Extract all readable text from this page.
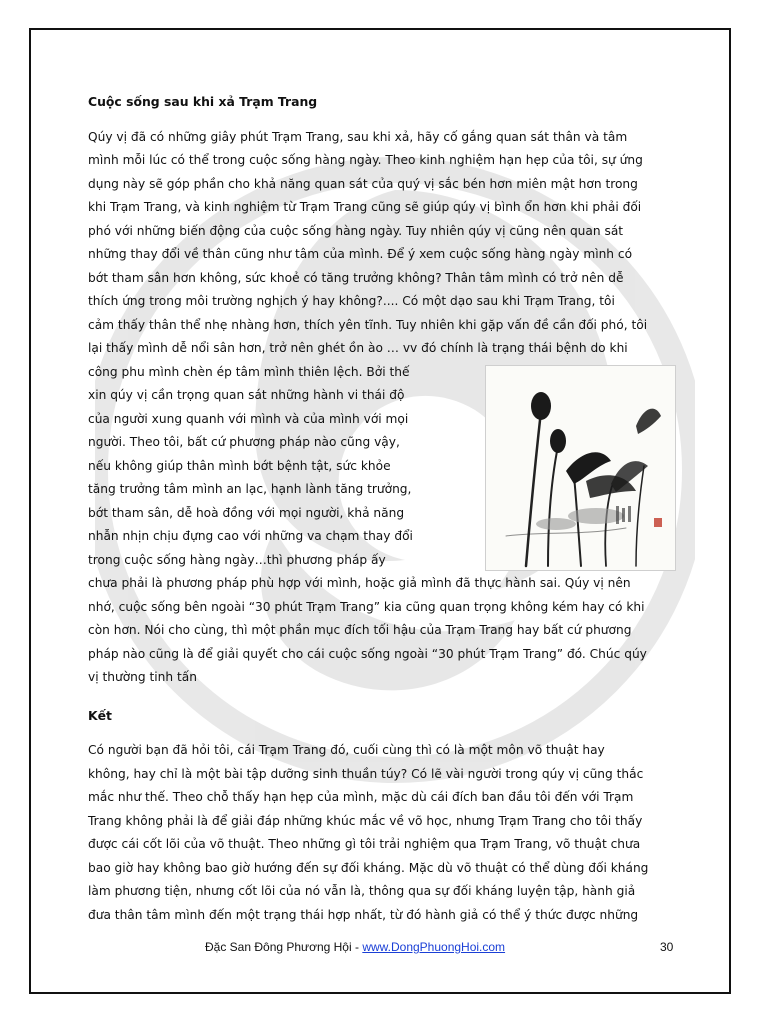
Cuộc sống sau khi xả Trạm Trang

Qúy vị đã có những giây phút Trạm Trang, sau khi xả, hãy cố gắng quan sát thân và tâm
mình mỗi lúc có thể trong cuộc sống hàng ngày. Theo kinh nghiệm hạn hẹp của tôi, sự ứng
dụng này sẽ góp phần cho khả năng quan sát của quý vị sắc bén hơn miên mật hơn trong
khi Trạm Trang, và kinh nghiệm từ Trạm Trang cũng sẽ giúp qúy vị bình ổn hơn khi phải đối
phó với những biến động của cuộc sống hàng ngày. Tuy nhiên qúy vị cũng nên quan sát
những thay đổi về thân cũng như tâm của mình. Để ý xem cuộc sống hàng ngày mình có
bớt tham sân hơn không, sức khoẻ có tăng trưởng không? Thân tâm mình có trở nên dễ
thích ứng trong môi trường nghịch ý hay không?.... Có một dạo sau khi Trạm Trang, tôi
cảm thấy thân thể nhẹ nhàng hơn, thích yên tĩnh. Tuy nhiên khi gặp vấn đề cần đối phó, tôi
lại thấy mình dễ nổi sân hơn, trở nên ghét ồn ào … vv đó chính là trạng thái bệnh do khi

công phu mình chèn ép tâm mình thiên lệch. Bởi thế
xin qúy vị cần trọng quan sát những hành vi thái độ
của người xung quanh với mình và của mình với mọi
người. Theo tôi, bất cứ phương pháp nào cũng vậy,
nếu không giúp thân mình bớt bệnh tật, sức khỏe
tăng trưởng tâm mình an lạc, hạnh lành tăng trưởng,
bớt tham sân, dễ hoà đồng với mọi người, khả năng
nhẫn nhịn chịu đựng cao với những va chạm thay đổi
trong cuộc sống hàng ngày…thì phương pháp ấy

chưa phải là phương pháp phù hợp với mình, hoặc giả mình đã thực hành sai. Qúy vị nên
nhớ, cuộc sống bên ngoài “30 phút Trạm Trang” kia cũng quan trọng không kém hay có khi
còn hơn. Nói cho cùng, thì một phần mục đích tối hậu của Trạm Trang hay bất cứ phương
pháp nào cũng là để giải quyết cho cái cuộc sống ngoài “30 phút Trạm Trang” đó. Chúc qúy
vị thường tinh tấn

Kết

Có người bạn đã hỏi tôi, cái Trạm Trang đó, cuối cùng thì có là một môn võ thuật hay
không, hay chỉ là một bài tập dưỡng sinh thuần túy? Có lẽ vài người trong qúy vị cũng thắc
mắc như thế. Theo chỗ thấy hạn hẹp của mình, mặc dù cái đích ban đầu tôi đến với Trạm
Trang không phải là để giải đáp những khúc mắc về võ học, nhưng Trạm Trang cho tôi thấy
được cái cốt lõi của võ thuật. Theo những gì tôi trải nghiệm qua Trạm Trang, võ thuật chưa
bao giờ hay không bao giờ hướng đến sự đối kháng. Mặc dù võ thuật có thể dùng đối kháng
làm phương tiện, nhưng cốt lõi của nó vẫn là, thông qua sự đối kháng luyện tập, hành giả
đưa thân tâm mình đến một trạng thái hợp nhất, từ đó hành giả có thể ý thức được những

Đặc San Đông Phương Hội - www.DongPhuongHoi.com	30
